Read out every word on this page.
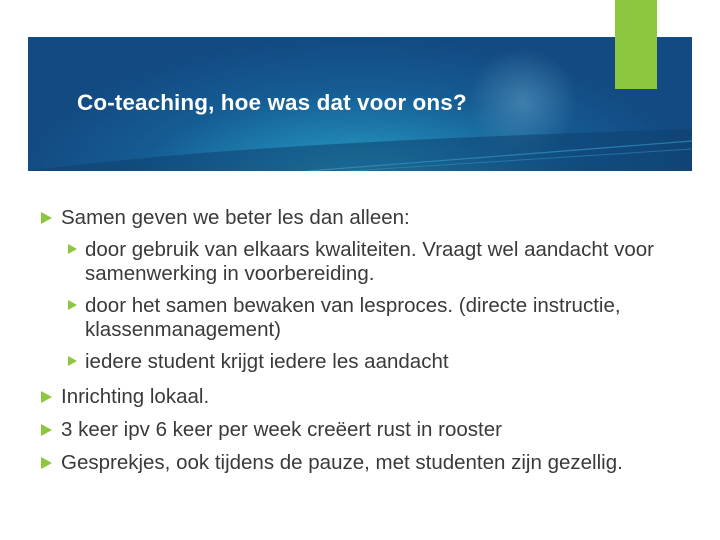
Co-teaching, hoe was dat voor ons?
Samen geven we beter les dan alleen:
door gebruik van elkaars kwaliteiten. Vraagt wel aandacht voor samenwerking in voorbereiding.
door het samen bewaken van lesproces. (directe instructie, klassenmanagement)
iedere student krijgt iedere les aandacht
Inrichting lokaal.
3 keer ipv 6 keer per week creëert rust in rooster
Gesprekjes, ook tijdens de pauze, met studenten zijn gezellig.
